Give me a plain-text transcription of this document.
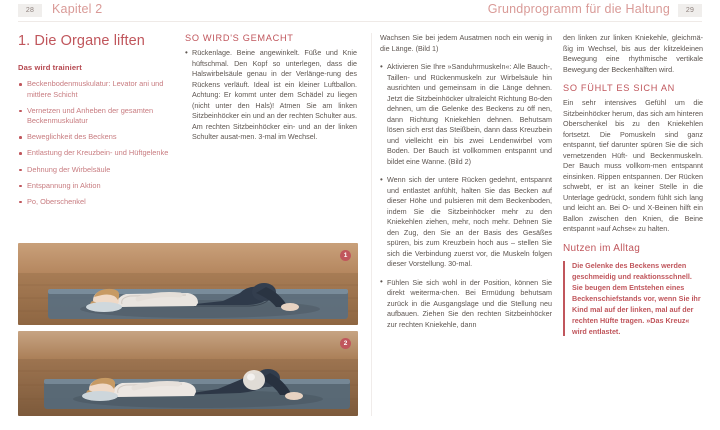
28	Kapitel 2	Grundprogramm für die Haltung	29
1. Die Organe liften
Das wird trainiert
Beckenbodenmuskulatur: Levator ani und mittlere Schicht
Vernetzen und Anheben der gesamten Beckenmuskulatur
Beweglichkeit des Beckens
Entlastung der Kreuzbein- und Hüftgelenke
Dehnung der Wirbelsäule
Entspannung in Aktion
Po, Oberschenkel
SO WIRD'S GEMACHT

• Rückenlage. Beine angewinkelt. Füße und Knie hüftschmal. Den Kopf so unterlegen, dass die Halswirbelsäule genau in der Verlänge-rung des Rückens verläuft. Ideal ist ein kleiner Luftballon. Achtung: Er kommt unter dem Schädel zu liegen (nicht unter den Hals)! Atmen Sie am linken Sitzbeinhöcker ein und an der rechten Schulter aus. Am rechten Sitzbeinhöcker ein- und an der linken Schulter ausat-men. 3-mal im Wechsel.

Wachsen Sie bei jedem Ausatmen noch ein wenig in die Länge. (Bild 1)

• Aktivieren Sie Ihre »Sanduhrmuskeln«: Alle Bauch-, Taillen- und Rückenmuskeln zur Wirbelsäule hin ausrichten und gemeinsam in die Länge dehnen. Jetzt die Sitzbeinhöcker ultraleicht Richtung Bo-den dehnen, um die Gelenke des Beckens zu öff nen, dann Richtung Kniekehlen dehnen. Behutsam lösen sich erst das Steißbein, dann dass Kreuzbein und vielleicht ein bis zwei Lendenwirbel vom Boden. Der Bauch ist vollkommen entspannt und bildet eine Wanne. (Bild 2)

• Wenn sich der untere Rücken gedehnt, entspannt und entlastet anfühlt, halten Sie das Becken auf dieser Höhe und pulsieren mit dem Beckenboden, indem Sie die Sitzbeinhöcker mehr zu den Kniekehlen ziehen, mehr, noch mehr. Dehnen Sie den Zug, den Sie an der Basis des Gesäßes spüren, bis zum Kreuzbein hoch aus – stellen Sie sich die Verbindung zuerst vor, die Muskeln folgen dieser Vorstellung. 30-mal.

• Fühlen Sie sich wohl in der Position, können Sie direkt weiterma-chen. Bei Ermüdung behutsam zurück in die Ausgangslage und die Stellung neu aufbauen. Ziehen Sie den rechten Sitzbeinhöcker zur rechten Kniekehle, dann

den linken zur linken Kniekehle, gleichmä-ßig im Wechsel, bis aus der klitzekleinen Bewegung eine rhythmische vertikale Bewegung der Beckenhälften wird.

SO FÜHLT ES SICH AN

Ein sehr intensives Gefühl um die Sitzbeinhöcker herum, das sich am hinteren Oberschenkel bis zu den Kniekehlen fortsetzt. Die Pomuskeln sind ganz entspannt, tief darunter spüren Sie die sich vernetzenden Hüft- und Beckenmuskeln. Der Bauch muss vollkom-men entspannt einsinken. Rippen entspannen. Der Rücken schwebt, er ist an keiner Stelle in die Unterlage gedrückt, sondern fühlt sich lang und leicht an. Bei O- und X-Beinen hilft ein Ballon zwischen den Knien, die Beine entspannt »auf Achse« zu halten.

Nutzen im Alltag

Die Gelenke des Beckens werden geschmeidig und reaktionsschnell. Sie beugen dem Entstehen eines Beckenschiefstands vor, wenn Sie ihr Kind mal auf der linken, mal auf der rechten Hüfte tragen. »Das Kreuz« wird entlastet.

1
2
